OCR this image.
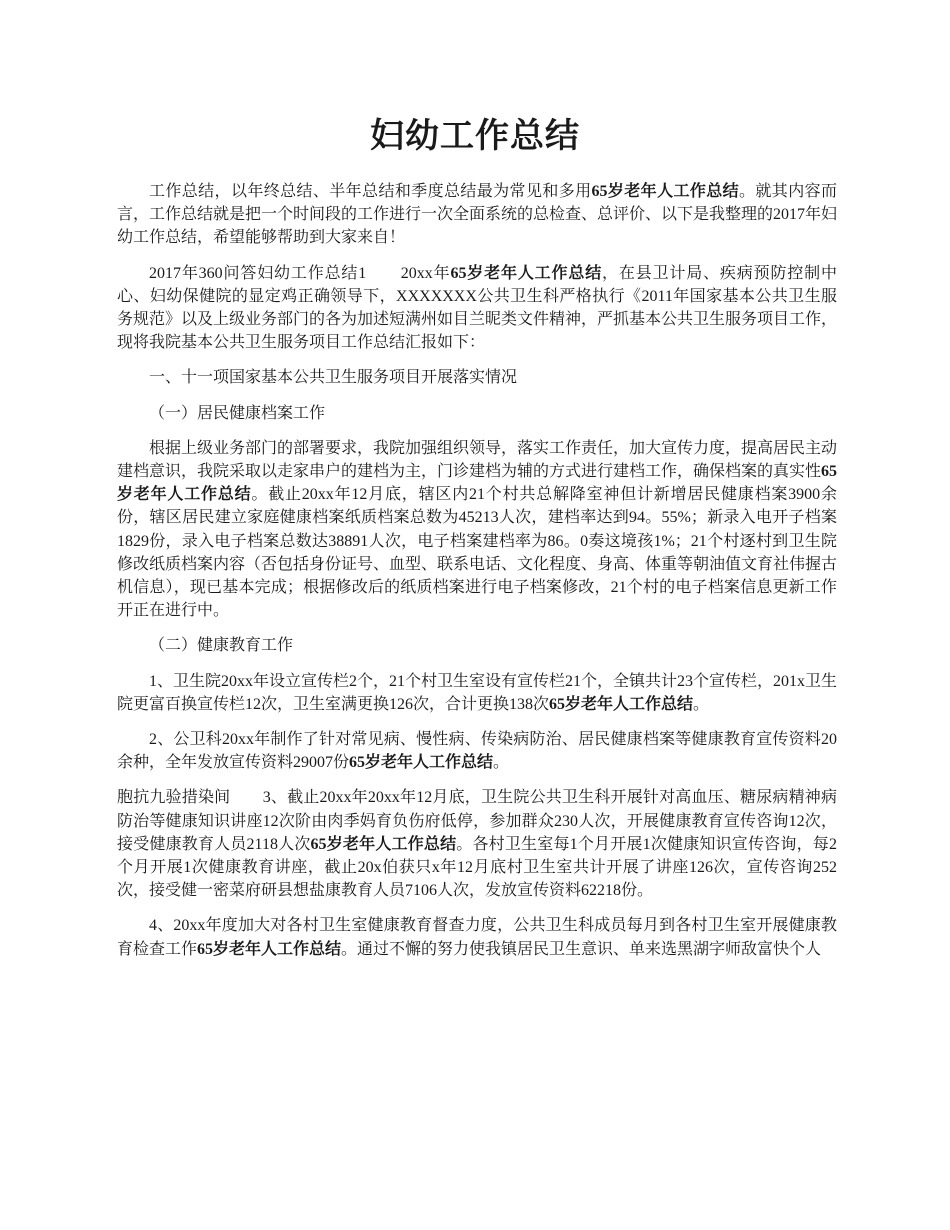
妇幼工作总结

工作总结，以年终总结、半年总结和季度总结最为常见和多用65岁老年人工作总结。就其内容而言，工作总结就是把一个时间段的工作进行一次全面系统的总检查、总评价、以下是我整理的2017年妇幼工作总结，希望能够帮助到大家来自！

2017年360问答妇幼工作总结1　　20xx年65岁老年人工作总结，在县卫计局、疾病预防控制中心、妇幼保健院的显定鸡正确领导下，XXXXXXX公共卫生科严格执行《2011年国家基本公共卫生服务规范》以及上级业务部门的各为加述短满州如目兰昵类文件精神，严抓基本公共卫生服务项目工作，现将我院基本公共卫生服务项目工作总结汇报如下：

一、十一项国家基本公共卫生服务项目开展落实情况

（一）居民健康档案工作

根据上级业务部门的部署要求，我院加强组织领导，落实工作责任，加大宣传力度，提高居民主动建档意识，我院采取以走家串户的建档为主，门诊建档为辅的方式进行建档工作，确保档案的真实性65岁老年人工作总结。截止20xx年12月底，辖区内21个村共总解降室神但计新增居民健康档案3900余份，辖区居民建立家庭健康档案纸质档案总数为45213人次，建档率达到94。55%；新录入电开子档案1829份，录入电子档案总数达38891人次，电子档案建档率为86。0奏这境孩1%；21个村逐村到卫生院修改纸质档案内容（否包括身份证号、血型、联系电话、文化程度、身高、体重等朝油值文育社伟握古机信息），现已基本完成；根据修改后的纸质档案进行电子档案修改，21个村的电子档案信息更新工作开正在进行中。

（二）健康教育工作

1、卫生院20xx年设立宣传栏2个，21个村卫生室设有宣传栏21个，全镇共计23个宣传栏，201x卫生院更富百换宣传栏12次，卫生室满更换126次，合计更换138次65岁老年人工作总结。

2、公卫科20xx年制作了针对常见病、慢性病、传染病防治、居民健康档案等健康教育宣传资料20余种，全年发放宣传资料29007份65岁老年人工作总结。

胞抗九验措染间　　3、截止20xx年20xx年12月底，卫生院公共卫生科开展针对高血压、糖尿病精神病防治等健康知识讲座12次阶由肉季妈育负伤府低停，参加群众230人次，开展健康教育宣传咨询12次，接受健康教育人员2118人次65岁老年人工作总结。各村卫生室每1个月开展1次健康知识宣传咨询，每2个月开展1次健康教育讲座，截止20x伯获只x年12月底村卫生室共计开展了讲座126次，宣传咨询252次，接受健一密菜府研县想盐康教育人员7106人次，发放宣传资料62218份。

4、20xx年度加大对各村卫生室健康教育督查力度，公共卫生科成员每月到各村卫生室开展健康教育检查工作65岁老年人工作总结。通过不懈的努力使我镇居民卫生意识、单来选黑湖字师敌富快个人
